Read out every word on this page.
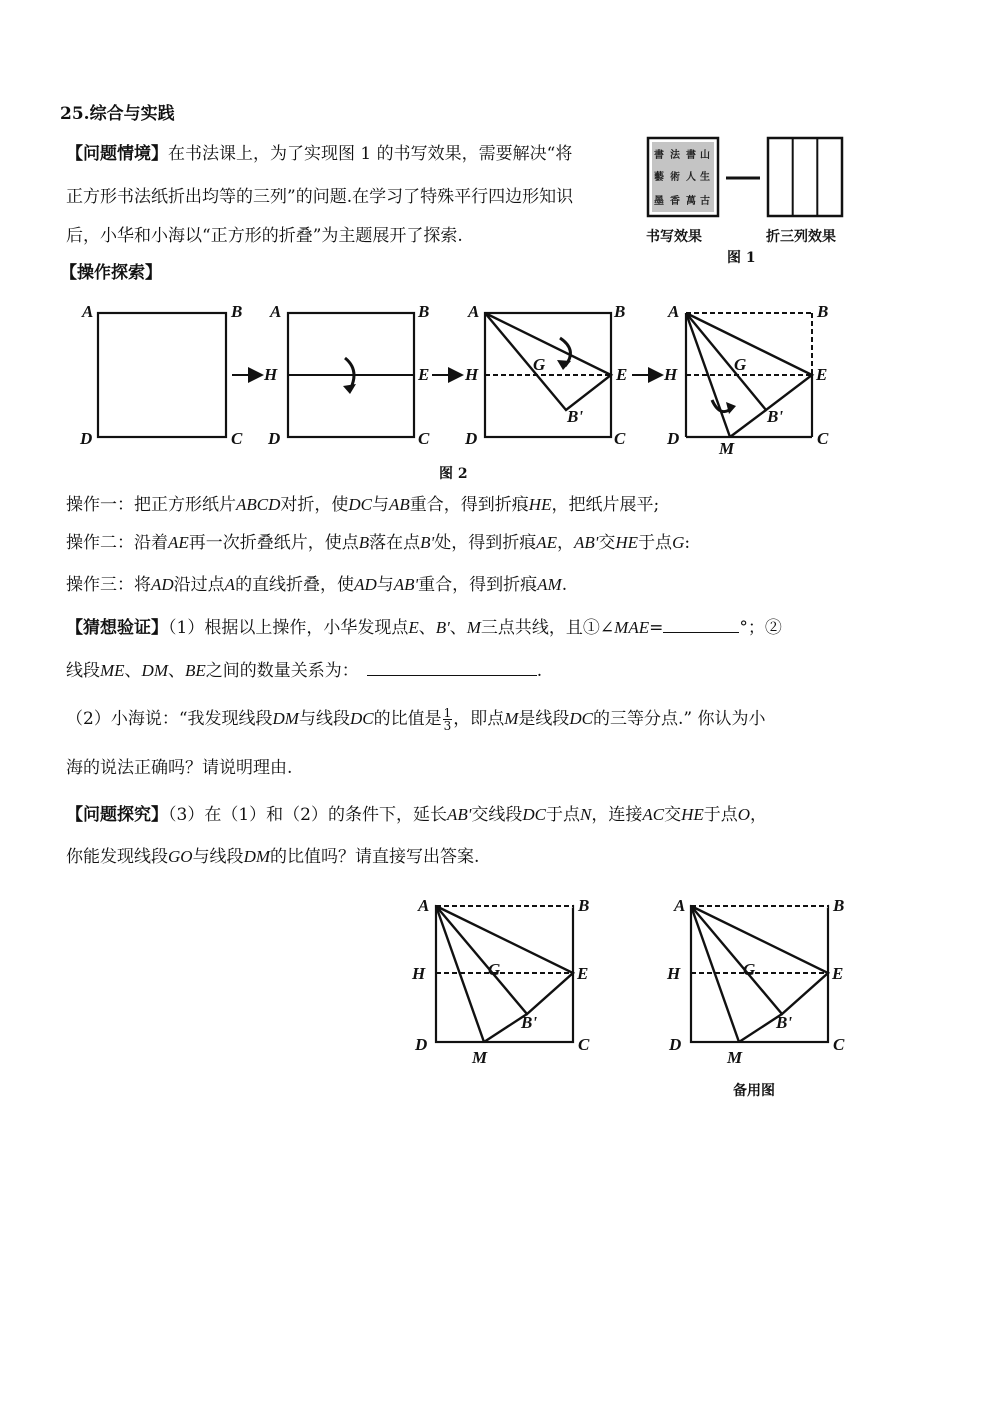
25.综合与实践
【问题情境】在书法课上，为了实现图 1 的书写效果，需要解决“将
正方形书法纸折出均等的三列”的问题.在学习了特殊平行四边形知识
后，小华和小海以“正方形的折叠”为主题展开了探索.
書 法 書 山
藝 術 人 生
墨 香 萬 古
书写效果	折三列效果
图 1
【操作探索】
A	B
D	C
A	B
H	E
D	C
A	B
H	E
G
B'
D	C
A	B
H	E
G
B'
D
M
C
图 2
操作一：把正方形纸片ABCD对折，使DC与AB重合，得到折痕HE，把纸片展平;
操作二：沿着AE再一次折叠纸片，使点B落在点B'处，得到折痕AE，AB'交HE于点G:
操作三：将AD沿过点A的直线折叠，使AD与AB'重合，得到折痕AM.
【猜想验证】（1）根据以上操作，小华发现点E、B'、M三点共线，且①∠MAE=	°；②
线段ME、DM、BE之间的数量关系为：	.
（2）小海说：“我发现线段DM与线段DC的比值是 $\frac{1}{3}$ ，即点M是线段DC的三等分点.” 你认为小
海的说法正确吗？请说明理由.
【问题探究】（3）在（1）和（2）的条件下，延长AB'交线段DC于点N，连接AC交HE于点O，
你能发现线段GO与线段DM的比值吗？请直接写出答案.
A	B
H	E
G
B'
D
M
C
A	B
H	E
G
B'
D
M
C
备用图
